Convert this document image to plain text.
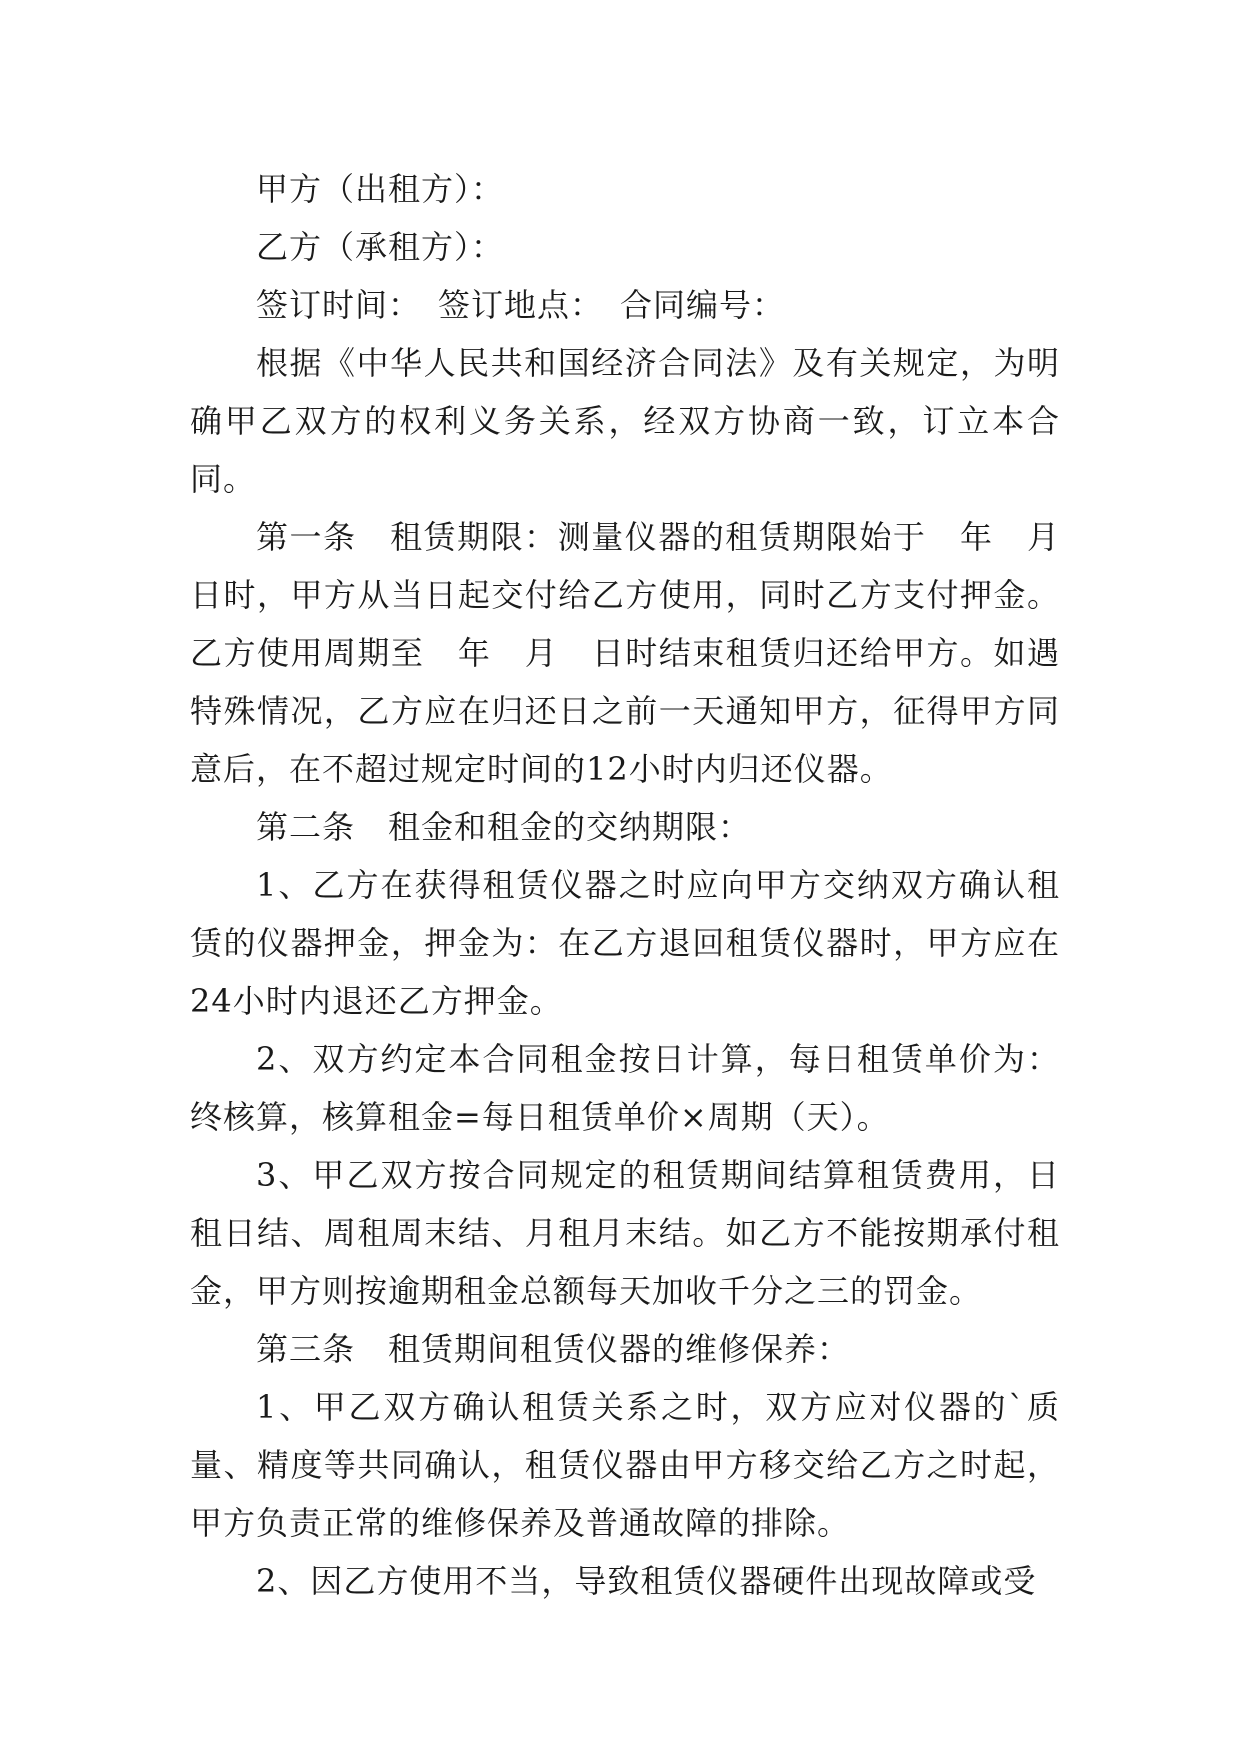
甲方（出租方）：

乙方（承租方）：

签订时间：　签订地点：　合同编号：

根据《中华人民共和国经济合同法》及有关规定，为明确甲乙双方的权利义务关系，经双方协商一致，订立本合同。

第一条　租赁期限：测量仪器的租赁期限始于　年　月　日时，甲方从当日起交付给乙方使用，同时乙方支付押金。乙方使用周期至　年　月　日时结束租赁归还给甲方。如遇特殊情况，乙方应在归还日之前一天通知甲方，征得甲方同意后，在不超过规定时间的12小时内归还仪器。

第二条　租金和租金的交纳期限：

1、乙方在获得租赁仪器之时应向甲方交纳双方确认租赁的仪器押金，押金为：在乙方退回租赁仪器时，甲方应在24小时内退还乙方押金。

2、双方约定本合同租金按日计算，每日租赁单价为：终核算，核算租金=每日租赁单价×周期（天）。

3、甲乙双方按合同规定的租赁期间结算租赁费用，日租日结、周租周末结、月租月末结。如乙方不能按期承付租金，甲方则按逾期租金总额每天加收千分之三的罚金。

第三条　租赁期间租赁仪器的维修保养：

1、甲乙双方确认租赁关系之时，双方应对仪器的`质量、精度等共同确认，租赁仪器由甲方移交给乙方之时起，甲方负责正常的维修保养及普通故障的排除。

2、因乙方使用不当，导致租赁仪器硬件出现故障或受
